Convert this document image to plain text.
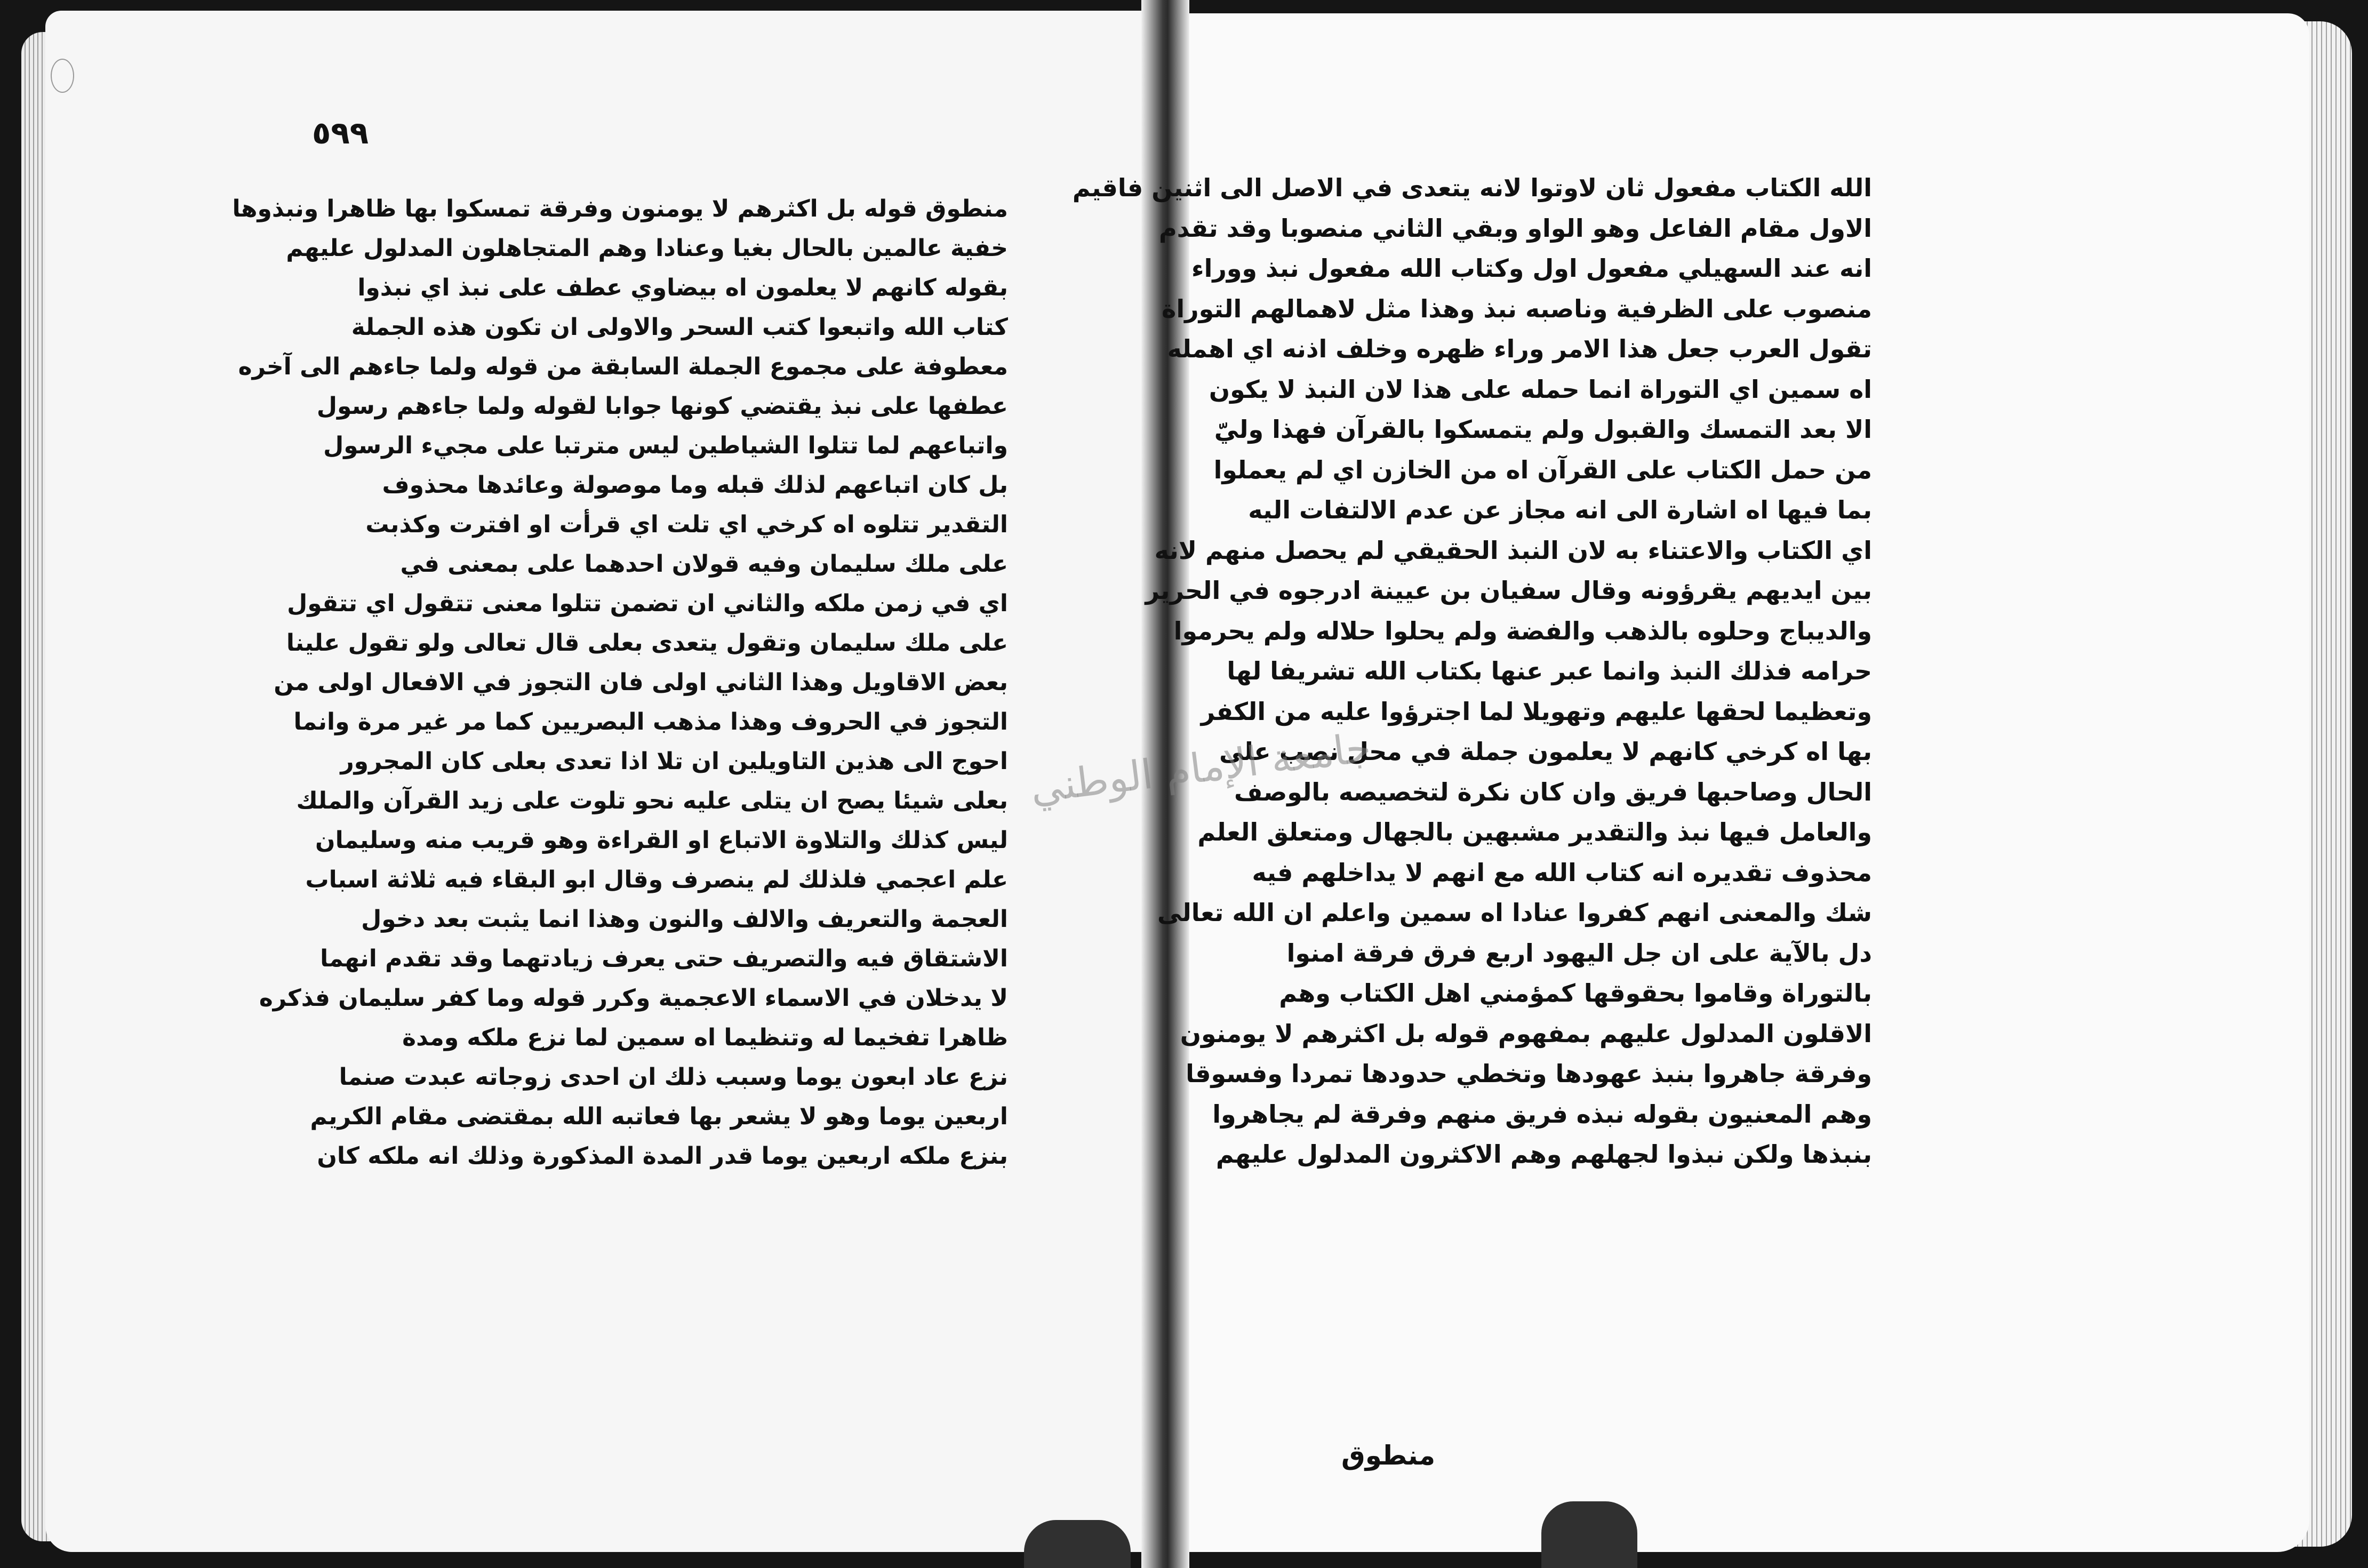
٥٩٩
منطوق قوله بل اكثرهم لا يومنون وفرقة تمسكوا بها ظاهرا ونبذوها
خفية عالمين بالحال بغيا وعنادا وهم المتجاهلون المدلول عليهم
بقوله كانهم لا يعلمون اه بيضاوي عطف على نبذ اي نبذوا
كتاب الله واتبعوا كتب السحر والاولى ان تكون هذه الجملة
معطوفة على مجموع الجملة السابقة من قوله ولما جاءهم الى آخره
عطفها على نبذ يقتضي كونها جوابا لقوله ولما جاءهم رسول
واتباعهم لما تتلوا الشياطين ليس مترتبا على مجيء الرسول
بل كان اتباعهم لذلك قبله وما موصولة وعائدها محذوف
التقدير تتلوه اه كرخي اي تلت اي قرأت او افترت وكذبت
على ملك سليمان وفيه قولان احدهما على بمعنى في
اي في زمن ملكه والثاني ان تضمن تتلوا معنى تتقول اي تتقول
على ملك سليمان وتقول يتعدى بعلى قال تعالى ولو تقول علينا
بعض الاقاويل وهذا الثاني اولى فان التجوز في الافعال اولى من
التجوز في الحروف وهذا مذهب البصريين كما مر غير مرة وانما
احوج الى هذين التاويلين ان تلا اذا تعدى بعلى كان المجرور
بعلى شيئا يصح ان يتلى عليه نحو تلوت على زيد القرآن والملك
ليس كذلك والتلاوة الاتباع او القراءة وهو قريب منه وسليمان
علم اعجمي فلذلك لم ينصرف وقال ابو البقاء فيه ثلاثة اسباب
العجمة والتعريف والالف والنون وهذا انما يثبت بعد دخول
الاشتقاق فيه والتصريف حتى يعرف زيادتهما وقد تقدم انهما
لا يدخلان في الاسماء الاعجمية وكرر قوله وما كفر سليمان فذكره
ظاهرا تفخيما له وتنظيما اه سمين لما نزع ملكه ومدة
نزع عاد ابعون يوما وسبب ذلك ان احدى زوجاته عبدت صنما
اربعين يوما وهو لا يشعر بها فعاتبه الله بمقتضى مقام الكريم
بنزع ملكه اربعين يوما قدر المدة المذكورة وذلك انه ملكه كان
الله الكتاب مفعول ثان لاوتوا لانه يتعدى في الاصل الى اثنين فاقيم
الاول مقام الفاعل وهو الواو وبقي الثاني منصوبا وقد تقدم
انه عند السهيلي مفعول اول وكتاب الله مفعول نبذ ووراء
منصوب على الظرفية وناصبه نبذ وهذا مثل لاهمالهم التوراة
تقول العرب جعل هذا الامر وراء ظهره وخلف اذنه اي اهمله
اه سمين اي التوراة انما حمله على هذا لان النبذ لا يكون
الا بعد التمسك والقبول ولم يتمسكوا بالقرآن فهذا وليّ
من حمل الكتاب على القرآن اه من الخازن اي لم يعملوا
بما فيها اه اشارة الى انه مجاز عن عدم الالتفات اليه
اي الكتاب والاعتناء به لان النبذ الحقيقي لم يحصل منهم لانه
بين ايديهم يقرؤونه وقال سفيان بن عيينة ادرجوه في الحرير
والديباج وحلوه بالذهب والفضة ولم يحلوا حلاله ولم يحرموا
حرامه فذلك النبذ وانما عبر عنها بكتاب الله تشريفا لها
وتعظيما لحقها عليهم وتهويلا لما اجترؤوا عليه من الكفر
بها اه كرخي كانهم لا يعلمون جملة في محل نصب على
الحال وصاحبها فريق وان كان نكرة لتخصيصه بالوصف
والعامل فيها نبذ والتقدير مشبهين بالجهال ومتعلق العلم
محذوف تقديره انه كتاب الله مع انهم لا يداخلهم فيه
شك والمعنى انهم كفروا عنادا اه سمين واعلم ان الله تعالى
دل بالآية على ان جل اليهود اربع فرق فرقة امنوا
بالتوراة وقاموا بحقوقها كمؤمني اهل الكتاب وهم
الاقلون المدلول عليهم بمفهوم قوله بل اكثرهم لا يومنون
وفرقة جاهروا بنبذ عهودها وتخطي حدودها تمردا وفسوقا
وهم المعنيون بقوله نبذه فريق منهم وفرقة لم يجاهروا
بنبذها ولكن نبذوا لجهلهم وهم الاكثرون المدلول عليهم
جامعة الإمام الوطني
منطوق
